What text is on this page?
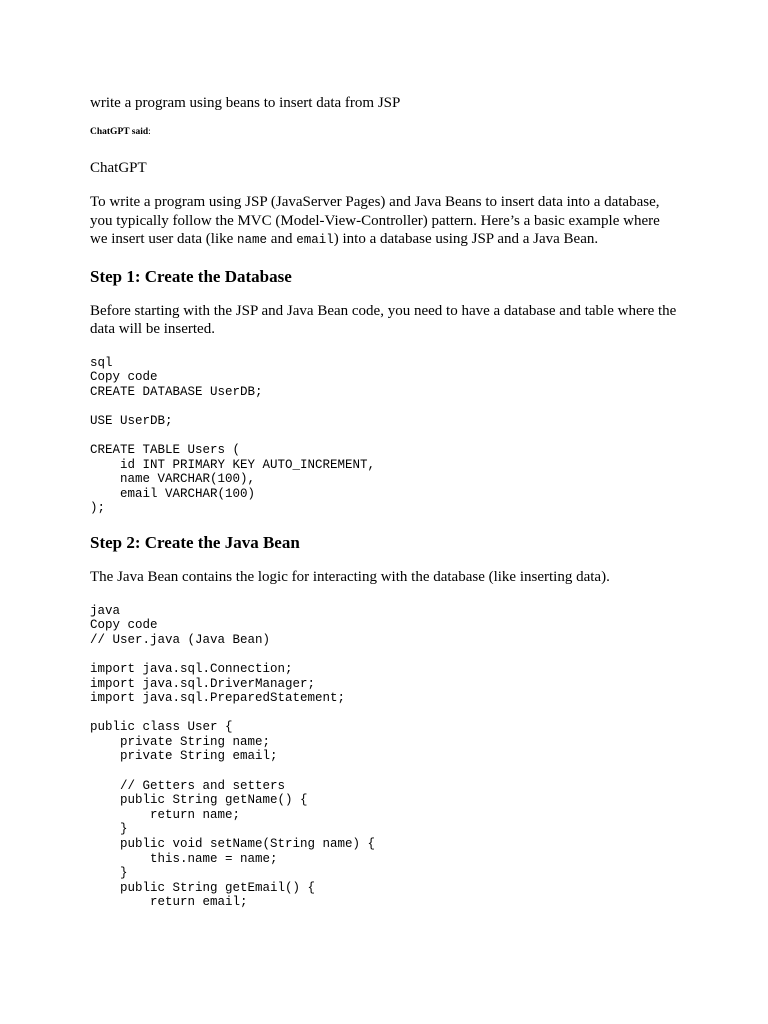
write a program using beans to insert data from JSP
ChatGPT said:
ChatGPT

To write a program using JSP (JavaServer Pages) and Java Beans to insert data into a database, you typically follow the MVC (Model-View-Controller) pattern. Here’s a basic example where we insert user data (like name and email) into a database using JSP and a Java Bean.

Step 1: Create the Database

Before starting with the JSP and Java Bean code, you need to have a database and table where the data will be inserted.

sql
Copy code
CREATE DATABASE UserDB;

USE UserDB;

CREATE TABLE Users (
id INT PRIMARY KEY AUTO_INCREMENT,
name VARCHAR(100),
email VARCHAR(100)
);
Step 2: Create the Java Bean

The Java Bean contains the logic for interacting with the database (like inserting data).

java
Copy code
// User.java (Java Bean)

import java.sql.Connection;
import java.sql.DriverManager;
import java.sql.PreparedStatement;

public class User {
private String name;
private String email;

// Getters and setters
public String getName() {
return name;
}
public void setName(String name) {
this.name = name;
}
public String getEmail() {
return email;
